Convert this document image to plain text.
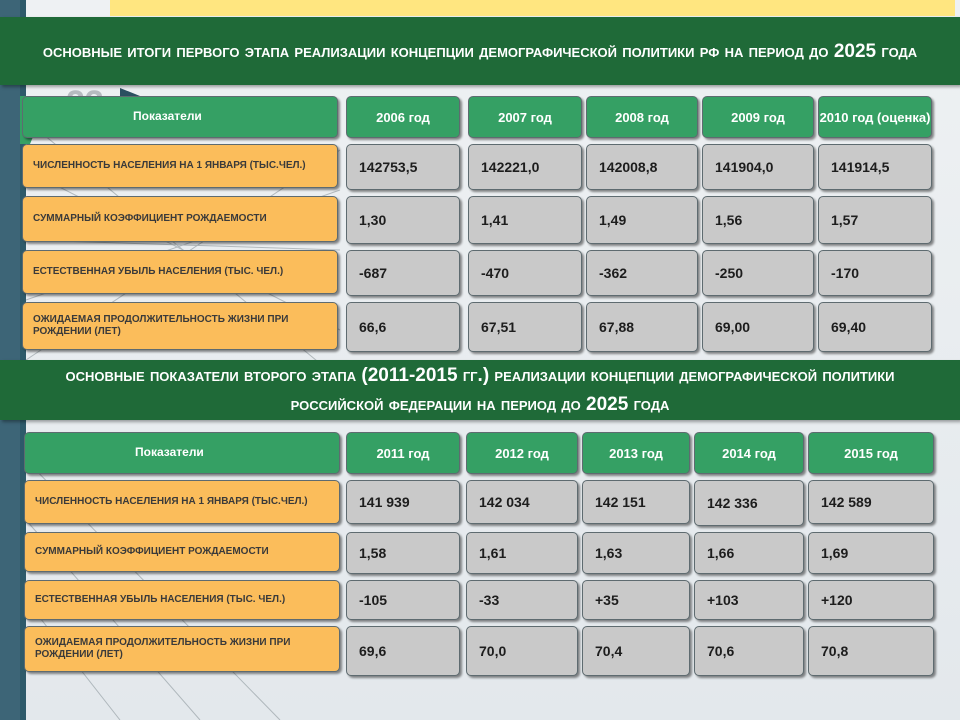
основные итоги первого этапа реализации концепции демографической политики рф на период до 2025 года
Показатели	2006 год	2007 год	2008 год	2009 год	2010 год (оценка)
ЧИСЛЕННОСТЬ НАСЕЛЕНИЯ НА 1 ЯНВАРЯ (ТЫС.ЧЕЛ.)	142753,5	142221,0	142008,8	141904,0	141914,5
СУММАРНЫЙ КОЭФФИЦИЕНТ РОЖДАЕМОСТИ	1,30	1,41	1,49	1,56	1,57
ЕСТЕСТВЕННАЯ УБЫЛЬ НАСЕЛЕНИЯ (ТЫС. ЧЕЛ.)	-687	-470	-362	-250	-170
ОЖИДАЕМАЯ ПРОДОЛЖИТЕЛЬНОСТЬ ЖИЗНИ ПРИ РОЖДЕНИИ (ЛЕТ)	66,6	67,51	67,88	69,00	69,40
основные показатели второго этапа (2011-2015 гг.) реализации концепции демографической политики российской федерации на период до 2025 года
Показатели	2011 год	2012 год	2013 год	2014 год	2015 год
ЧИСЛЕННОСТЬ НАСЕЛЕНИЯ НА 1 ЯНВАРЯ (ТЫС.ЧЕЛ.)	141 939	142 034	142 151	142 336	142 589
СУММАРНЫЙ КОЭФФИЦИЕНТ РОЖДАЕМОСТИ	1,58	1,61	1,63	1,66	1,69
ЕСТЕСТВЕННАЯ УБЫЛЬ НАСЕЛЕНИЯ (ТЫС. ЧЕЛ.)	-105	-33	+35	+103	+120
ОЖИДАЕМАЯ ПРОДОЛЖИТЕЛЬНОСТЬ ЖИЗНИ ПРИ РОЖДЕНИИ (ЛЕТ)	69,6	70,0	70,4	70,6	70,8
